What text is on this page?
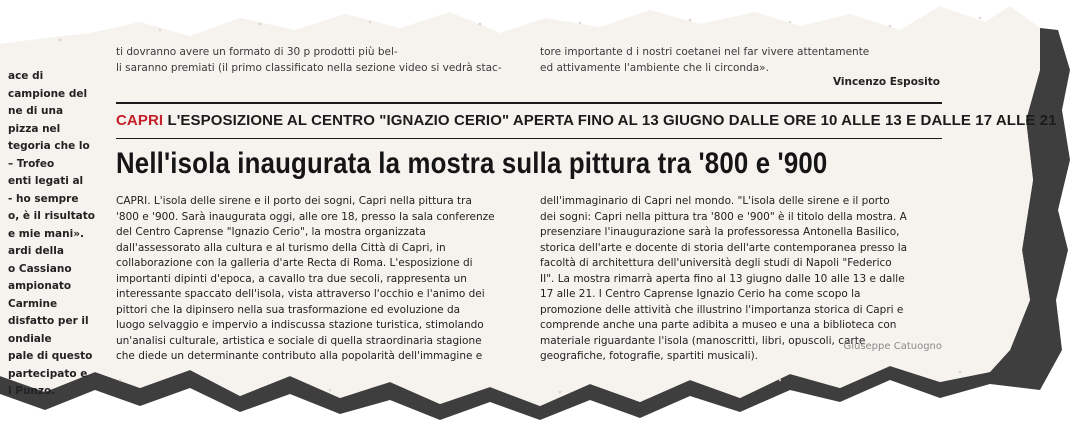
ti dovranno avere un formato di 30 p prodotti più bel-
li saranno premiati (il primo classificato nella sezione video si vedrà stac-
tore importante d i nostri coetanei nel far vivere attentamente
ed attivamente l'ambiente che li circonda».
Vincenzo Esposito
ace di
campione del
ne di una
pizza nel
tegoria che lo
– Trofeo
enti legati al
- ho sempre
o, è il risultato
e mie mani».
ardi della
o Cassiano
ampionato
Carmine
disfatto per il
ondiale
pale di questo
partecipato e
l Punzo.
CAPRI L'ESPOSIZIONE AL CENTRO "IGNAZIO CERIO" APERTA FINO AL 13 GIUGNO DALLE ORE 10 ALLE 13 E DALLE 17 ALLE 21
Nell'isola inaugurata la mostra sulla pittura tra '800 e '900
CAPRI. L'isola delle sirene e il porto dei sogni, Capri nella pittura tra
'800 e '900. Sarà inaugurata oggi, alle ore 18, presso la sala conferenze
del Centro Caprense "Ignazio Cerio", la mostra organizzata
dall'assessorato alla cultura e al turismo della Città di Capri, in
collaborazione con la galleria d'arte Recta di Roma. L'esposizione di
importanti dipinti d'epoca, a cavallo tra due secoli, rappresenta un
interessante spaccato dell'isola, vista attraverso l'occhio e l'animo dei
pittori che la dipinsero nella sua trasformazione ed evoluzione da
luogo selvaggio e impervio a indiscussa stazione turistica, stimolando
un'analisi culturale, artistica e sociale di quella straordinaria stagione
che diede un determinante contributo alla popolarità dell'immagine e
dell'immaginario di Capri nel mondo. "L'isola delle sirene e il porto
dei sogni: Capri nella pittura tra '800 e '900" è il titolo della mostra. A
presenziare l'inaugurazione sarà la professoressa Antonella Basilico,
storica dell'arte e docente di storia dell'arte contemporanea presso la
facoltà di architettura dell'università degli studi di Napoli "Federico
II". La mostra rimarrà aperta fino al 13 giugno dalle 10 alle 13 e dalle
17 alle 21. I Centro Caprense Ignazio Cerio ha come scopo la
promozione delle attività che illustrino l'importanza storica di Capri e
comprende anche una parte adibita a museo e una a biblioteca con
materiale riguardante l'isola (manoscritti, libri, opuscoli, carte
geografiche, fotografie, spartiti musicali).
Giuseppe Catuogno
